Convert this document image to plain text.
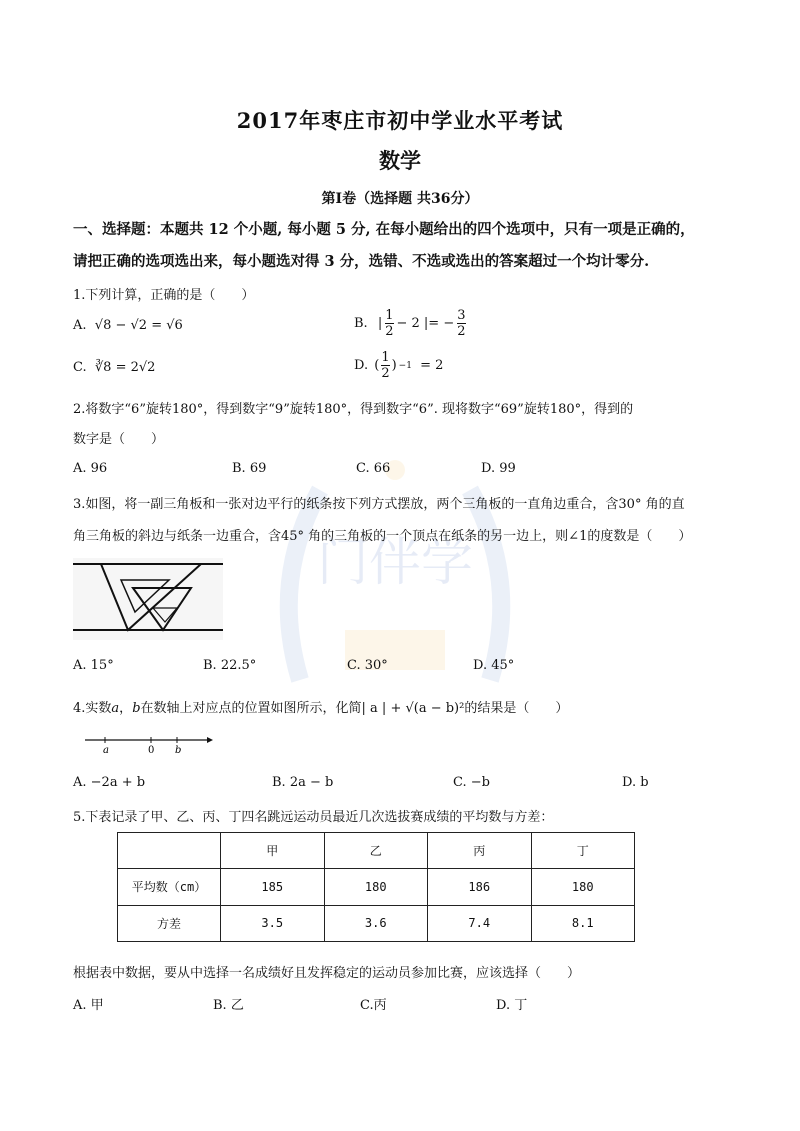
门伴学
2017年枣庄市初中学业水平考试
数学
第Ⅰ卷（选择题 共36分）
一、选择题：本题共 12 个小题, 每小题 5 分, 在每小题给出的四个选项中，只有一项是正确的，
请把正确的选项选出来，每小题选对得 3 分，选错、不选或选出的答案超过一个均计零分.
1.下列计算，正确的是（　　）
A. √8 − √2 = √6	B.
|
1
2
− 2 |= − $\frac{3}{2}$
C. ∛8 = 2√2	D. (
1
2
) −1
= 2
2.将数字“6”旋转180°，得到数字“9”旋转180°，得到数字“6”. 现将数字“69”旋转180°，得到的
数字是（　　）
A. 96	B. 69	C. 66	D. 99
3.如图，将一副三角板和一张对边平行的纸条按下列方式摆放，两个三角板的一直角边重合，含30° 角的直
角三角板的斜边与纸条一边重合，含45° 角的三角板的一个顶点在纸条的另一边上，则∠1的度数是（　　）
A. 15°	B. 22.5°	C. 30°	D. 45°
4.实数a，b在数轴上对应点的位置如图所示，化简| a | + √(a − b)²的结果是（　　）
a	0 b
A. −2a + b	B. 2a − b	C. −b	D. b
5.下表记录了甲、乙、丙、丁四名跳远运动员最近几次选拔赛成绩的平均数与方差：
	甲	乙	丙	丁
平均数（cm）	185	180	186	180
方差	3.5	3.6	7.4	8.1
根据表中数据，要从中选择一名成绩好且发挥稳定的运动员参加比赛，应该选择（　　）
A. 甲	B. 乙	C.丙	D. 丁
